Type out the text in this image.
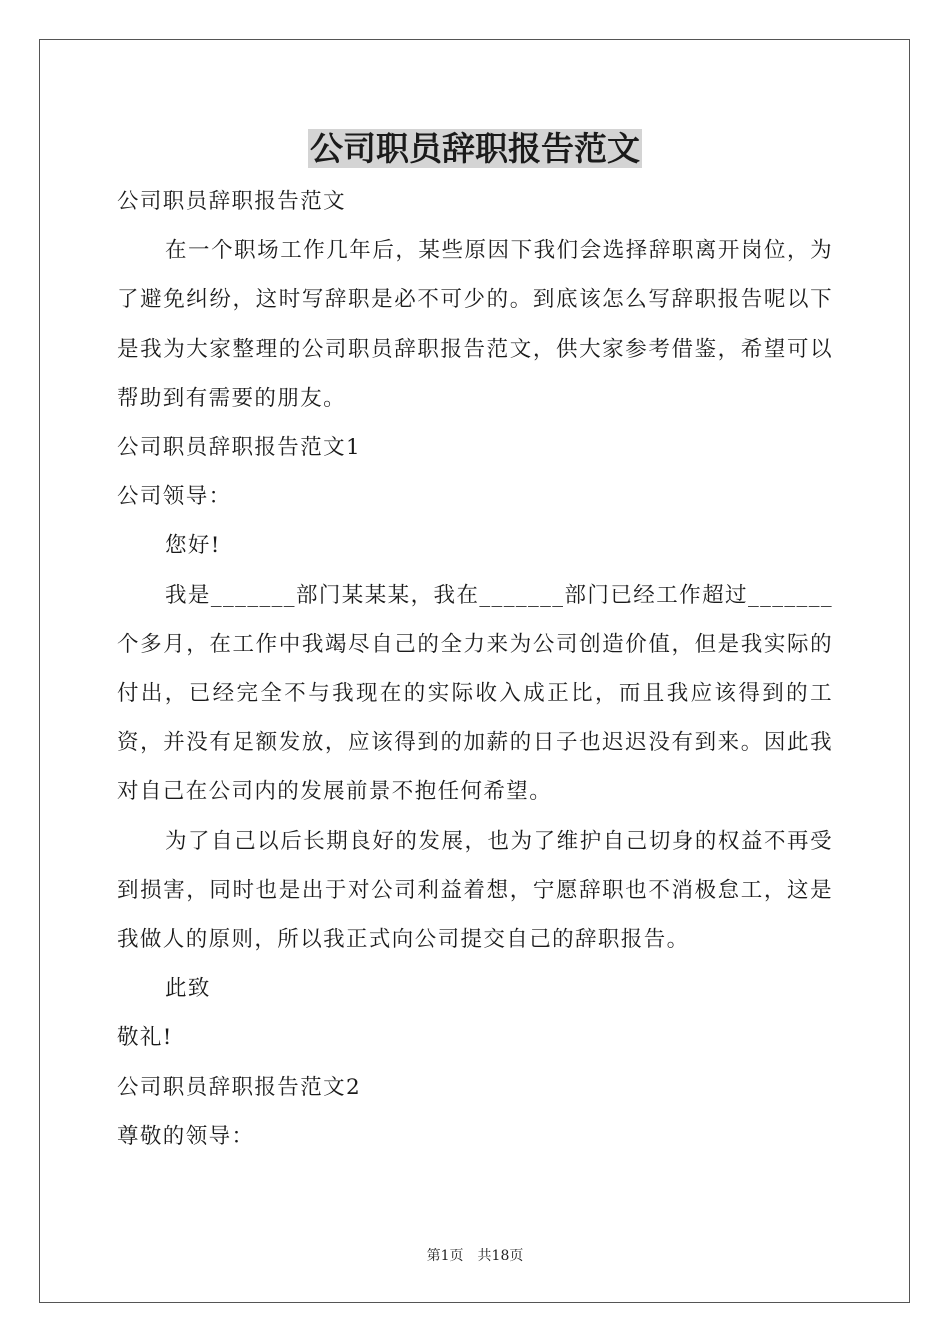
公司职员辞职报告范文

公司职员辞职报告范文

在一个职场工作几年后，某些原因下我们会选择辞职离开岗位，为了避免纠纷，这时写辞职是必不可少的。到底该怎么写辞职报告呢以下是我为大家整理的公司职员辞职报告范文，供大家参考借鉴，希望可以帮助到有需要的朋友。

公司职员辞职报告范文1

公司领导：

您好!

我是_______部门某某某，我在_______部门已经工作超过_______个多月，在工作中我竭尽自己的全力来为公司创造价值，但是我实际的付出，已经完全不与我现在的实际收入成正比，而且我应该得到的工资，并没有足额发放，应该得到的加薪的日子也迟迟没有到来。因此我对自己在公司内的发展前景不抱任何希望。

为了自己以后长期良好的发展，也为了维护自己切身的权益不再受到损害，同时也是出于对公司利益着想，宁愿辞职也不消极怠工，这是我做人的原则，所以我正式向公司提交自己的辞职报告。

此致

敬礼!

公司职员辞职报告范文2

尊敬的领导：

第1页 共18页
